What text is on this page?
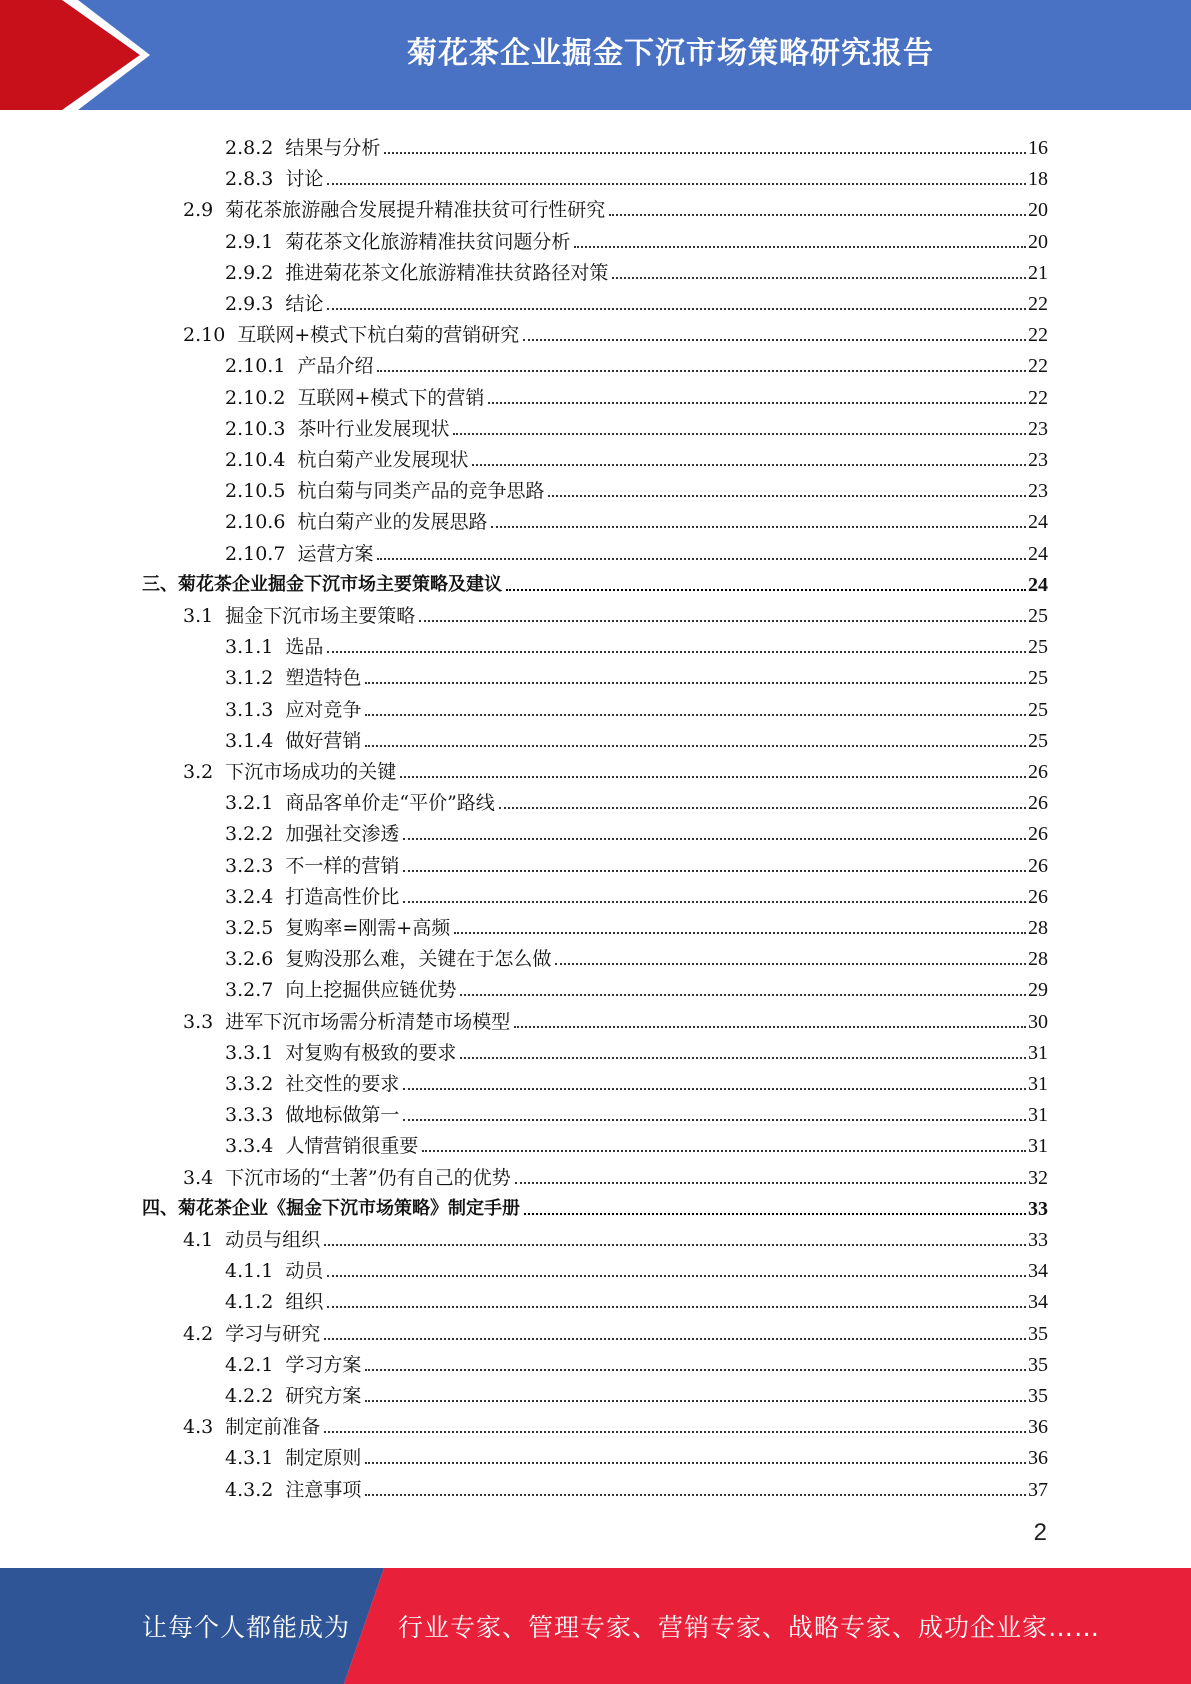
菊花茶企业掘金下沉市场策略研究报告
2.8.2 结果与分析	16
2.8.3 讨论	18
2.9 菊花茶旅游融合发展提升精准扶贫可行性研究	20
2.9.1 菊花茶文化旅游精准扶贫问题分析	20
2.9.2 推进菊花茶文化旅游精准扶贫路径对策	21
2.9.3 结论	22
2.10 互联网+模式下杭白菊的营销研究	22
2.10.1 产品介绍	22
2.10.2 互联网+模式下的营销	22
2.10.3 茶叶行业发展现状	23
2.10.4 杭白菊产业发展现状	23
2.10.5 杭白菊与同类产品的竞争思路	23
2.10.6 杭白菊产业的发展思路	24
2.10.7 运营方案	24
三、菊花茶企业掘金下沉市场主要策略及建议	24
3.1 掘金下沉市场主要策略	25
3.1.1 选品	25
3.1.2 塑造特色	25
3.1.3 应对竞争	25
3.1.4 做好营销	25
3.2 下沉市场成功的关键	26
3.2.1 商品客单价走“平价”路线	26
3.2.2 加强社交渗透	26
3.2.3 不一样的营销	26
3.2.4 打造高性价比	26
3.2.5 复购率=刚需+高频	28
3.2.6 复购没那么难，关键在于怎么做	28
3.2.7 向上挖掘供应链优势	29
3.3 进军下沉市场需分析清楚市场模型	30
3.3.1 对复购有极致的要求	31
3.3.2 社交性的要求	31
3.3.3 做地标做第一	31
3.3.4 人情营销很重要	31
3.4 下沉市场的“土著”仍有自己的优势	32
四、菊花茶企业《掘金下沉市场策略》制定手册	33
4.1 动员与组织	33
4.1.1 动员	34
4.1.2 组织	34
4.2 学习与研究	35
4.2.1 学习方案	35
4.2.2 研究方案	35
4.3 制定前准备	36
4.3.1 制定原则	36
4.3.2 注意事项	37
2
让每个人都能成为 行业专家、管理专家、营销专家、战略专家、成功企业家……
